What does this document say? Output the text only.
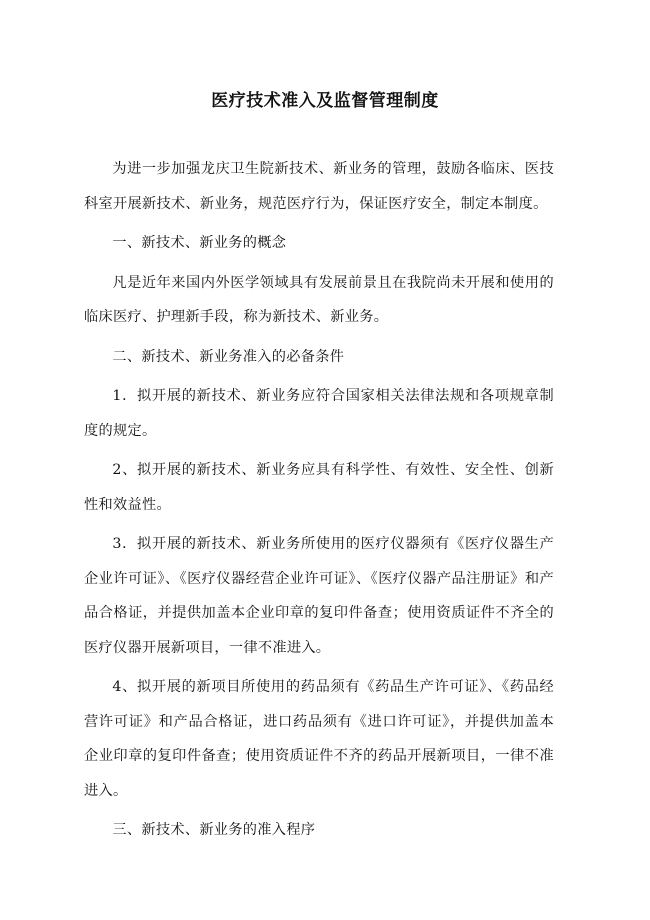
医疗技术准入及监督管理制度

为进一步加强龙庆卫生院新技术、新业务的管理，鼓励各临床、医技科室开展新技术、新业务，规范医疗行为，保证医疗安全，制定本制度。

一、新技术、新业务的概念

凡是近年来国内外医学领域具有发展前景且在我院尚未开展和使用的临床医疗、护理新手段，称为新技术、新业务。

二、新技术、新业务准入的必备条件

1．拟开展的新技术、新业务应符合国家相关法律法规和各项规章制度的规定。

2、拟开展的新技术、新业务应具有科学性、有效性、安全性、创新性和效益性。

3．拟开展的新技术、新业务所使用的医疗仪器须有《医疗仪器生产企业许可证》、《医疗仪器经营企业许可证》、《医疗仪器产品注册证》和产品合格证，并提供加盖本企业印章的复印件备查；使用资质证件不齐全的医疗仪器开展新项目，一律不准进入。

4、拟开展的新项目所使用的药品须有《药品生产许可证》、《药品经营许可证》和产品合格证，进口药品须有《进口许可证》，并提供加盖本企业印章的复印件备查；使用资质证件不齐的药品开展新项目，一律不准进入。

三、新技术、新业务的准入程序
